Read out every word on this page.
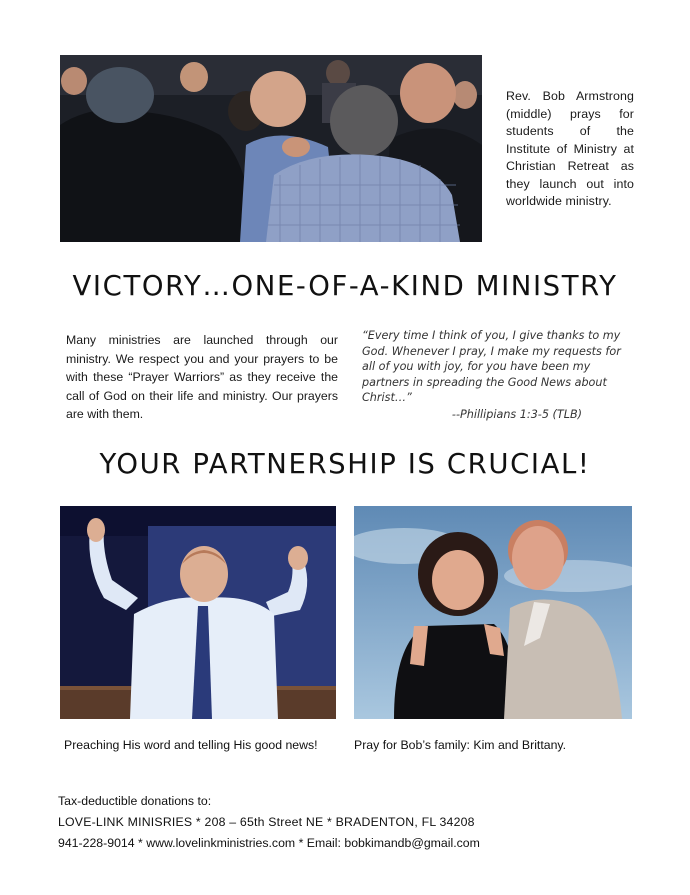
Rev. Bob Armstrong
(middle) prays for
students of the
Institute of Ministry at
Christian Retreat as
they launch out into
worldwide ministry.
VICTORY…ONE-OF-A-KIND MINISTRY
Many ministries are launched through our ministry. We respect you and your prayers to be with these “Prayer Warriors” as they receive the call of God on their life and ministry. Our prayers are with them.
“Every time I think of you, I give thanks to my God. Whenever I pray, I make my requests for all of you with joy, for you have been my partners in spreading the Good News about Christ…”
--Phillipians 1:3-5 (TLB)
YOUR PARTNERSHIP IS CRUCIAL!
Preaching His word and telling His good news!	Pray for Bob’s family: Kim and Brittany.
Tax-deductible donations to:
LOVE-LINK MINISRIES * 208 – 65th Street NE * BRADENTON, FL 34208
941-228-9014 * www.lovelinkministries.com * Email: bobkimandb@gmail.com
